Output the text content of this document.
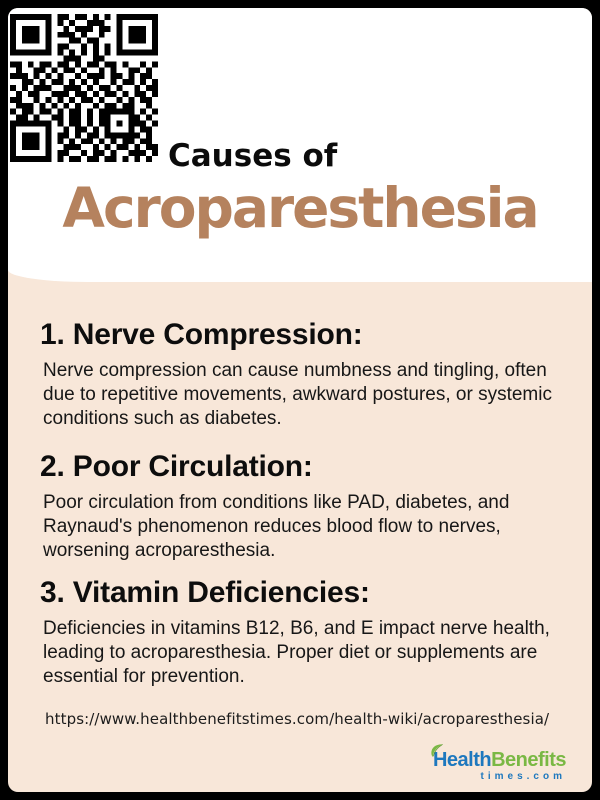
Causes of
Acroparesthesia
1. Nerve Compression:

Nerve compression can cause numbness and tingling, often due to repetitive movements, awkward postures, or systemic conditions such as diabetes.

2. Poor Circulation:

Poor circulation from conditions like PAD, diabetes, and Raynaud's phenomenon reduces blood flow to nerves, worsening acroparesthesia.

3. Vitamin Deficiencies:

Deficiencies in vitamins B12, B6, and E impact nerve health, leading to acroparesthesia. Proper diet or supplements are essential for prevention.

https://www.healthbenefitstimes.com/health-wiki/acroparesthesia/
HealthBenefits
times.com
